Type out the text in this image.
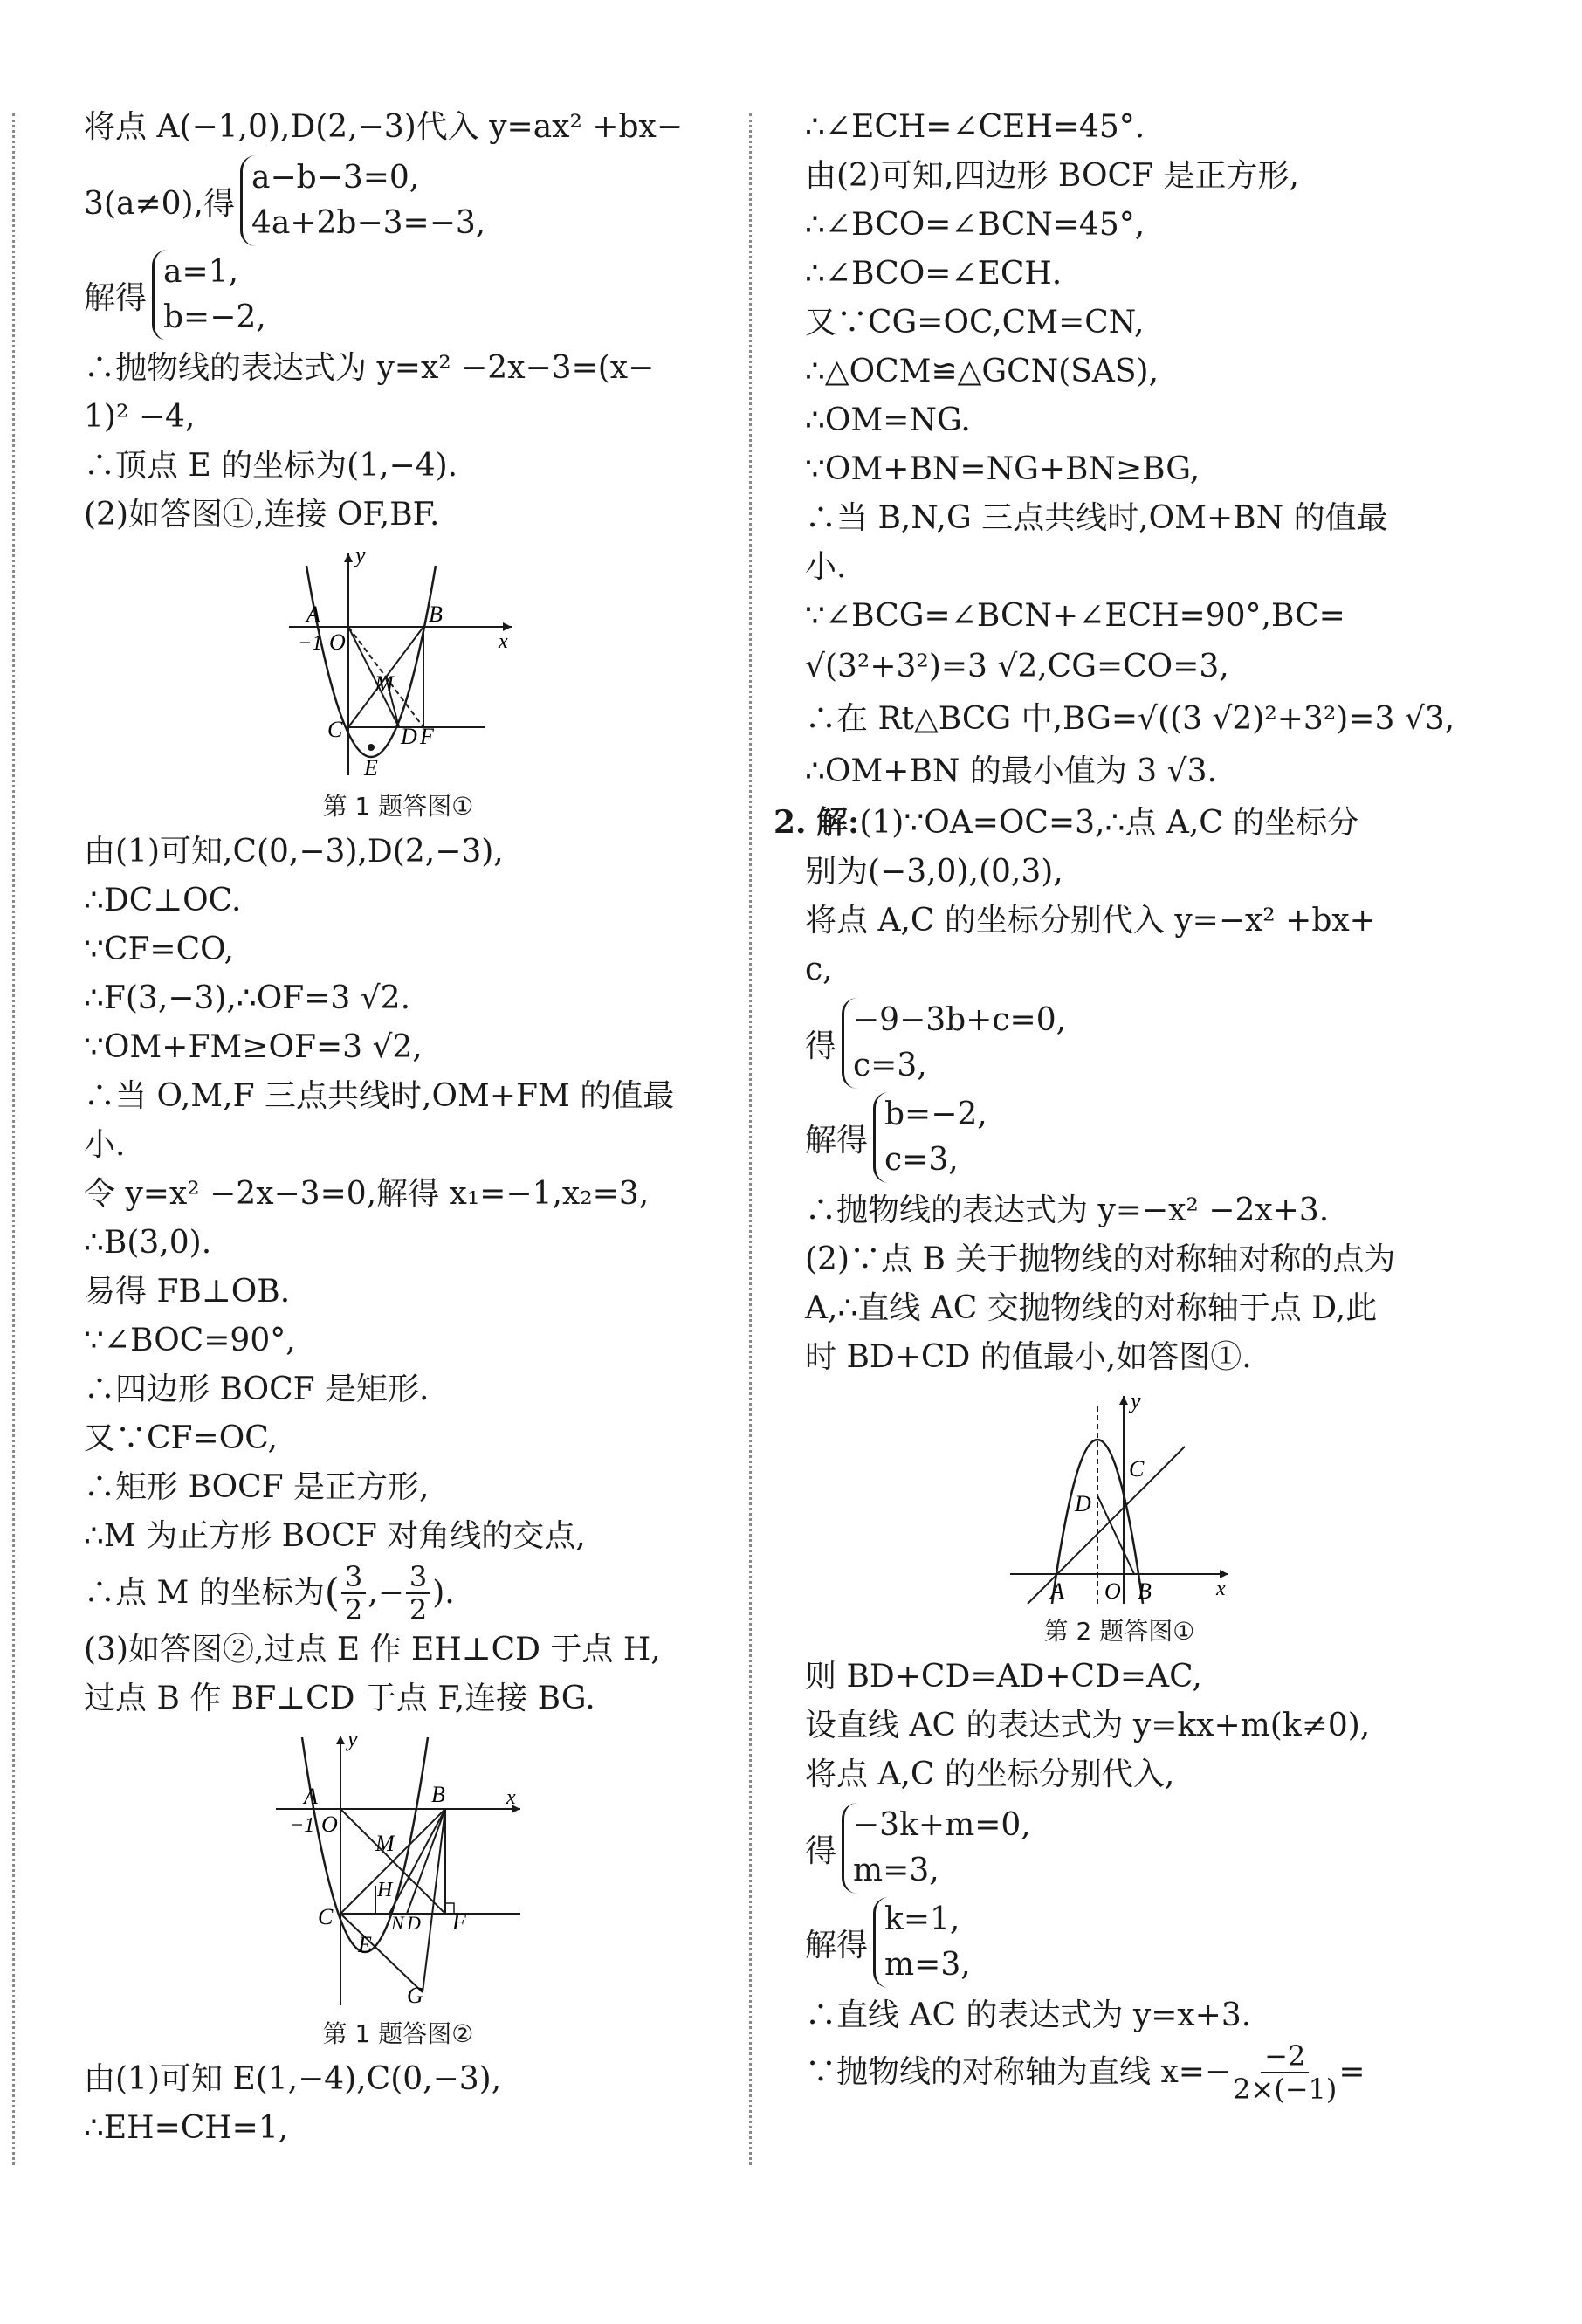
将点 A(−1,0),D(2,−3)代入 y=ax² +bx−
3(a≠0),得
a−b−3=0,
4a+2b−3=−3,
解得
a=1,
b=−2,
∴抛物线的表达式为 y=x² −2x−3=(x−
1)² −4,
∴顶点 E 的坐标为(1,−4).
(2)如答图①,连接 OF,BF.
y
x
A	B
−1 O
C
M
D F
E
第 1 题答图①
由(1)可知,C(0,−3),D(2,−3),
∴DC⊥OC.
∵CF=CO,
∴F(3,−3),∴OF=3 √2.
∵OM+FM≥OF=3 √2,
∴当 O,M,F 三点共线时,OM+FM 的值最
小.
令 y=x² −2x−3=0,解得 x₁=−1,x₂=3,
∴B(3,0).
易得 FB⊥OB.
∵∠BOC=90°,
∴四边形 BOCF 是矩形.
又∵CF=OC,
∴矩形 BOCF 是正方形,
∴M 为正方形 BOCF 对角线的交点,
∴点 M 的坐标为 ( $\frac{3}{2}$ ,− $\frac{3}{2}$ ).
(3)如答图②,过点 E 作 EH⊥CD 于点 H,
过点 B 作 BF⊥CD 于点 F,连接 BG.
y
x
A	B
−1 O
M
H
C	N D F
E
G
第 1 题答图②
由(1)可知 E(1,−4),C(0,−3),
∴EH=CH=1,
∴∠ECH=∠CEH=45°.
由(2)可知,四边形 BOCF 是正方形,
∴∠BCO=∠BCN=45°,
∴∠BCO=∠ECH.
又∵CG=OC,CM=CN,
∴△OCM≌△GCN(SAS),
∴OM=NG.
∵OM+BN=NG+BN≥BG,
∴当 B,N,G 三点共线时,OM+BN 的值最
小.
∵∠BCG=∠BCN+∠ECH=90°,BC=
√(3²+3²)=3 √2,CG=CO=3,
∴在 Rt△BCG 中,BG=√((3 √2)²+3²)=3 √3,
∴OM+BN 的最小值为 3 √3.
2. 解:(1)∵OA=OC=3,∴点 A,C 的坐标分
别为(−3,0),(0,3),
将点 A,C 的坐标分别代入 y=−x² +bx+
c,
得
−9−3b+c=0,
c=3,
解得
b=−2,
c=3,
∴抛物线的表达式为 y=−x² −2x+3.
(2)∵点 B 关于抛物线的对称轴对称的点为
A,∴直线 AC 交抛物线的对称轴于点 D,此
时 BD+CD 的值最小,如答图①.
y
x
C
D
A O B
第 2 题答图①
则 BD+CD=AD+CD=AC,
设直线 AC 的表达式为 y=kx+m(k≠0),
将点 A,C 的坐标分别代入,
得
−3k+m=0,
m=3,
解得
k=1,
m=3,
∴直线 AC 的表达式为 y=x+3.
∵抛物线的对称轴为直线 $x=- \frac{-2}{2\times(-1)}$ =
